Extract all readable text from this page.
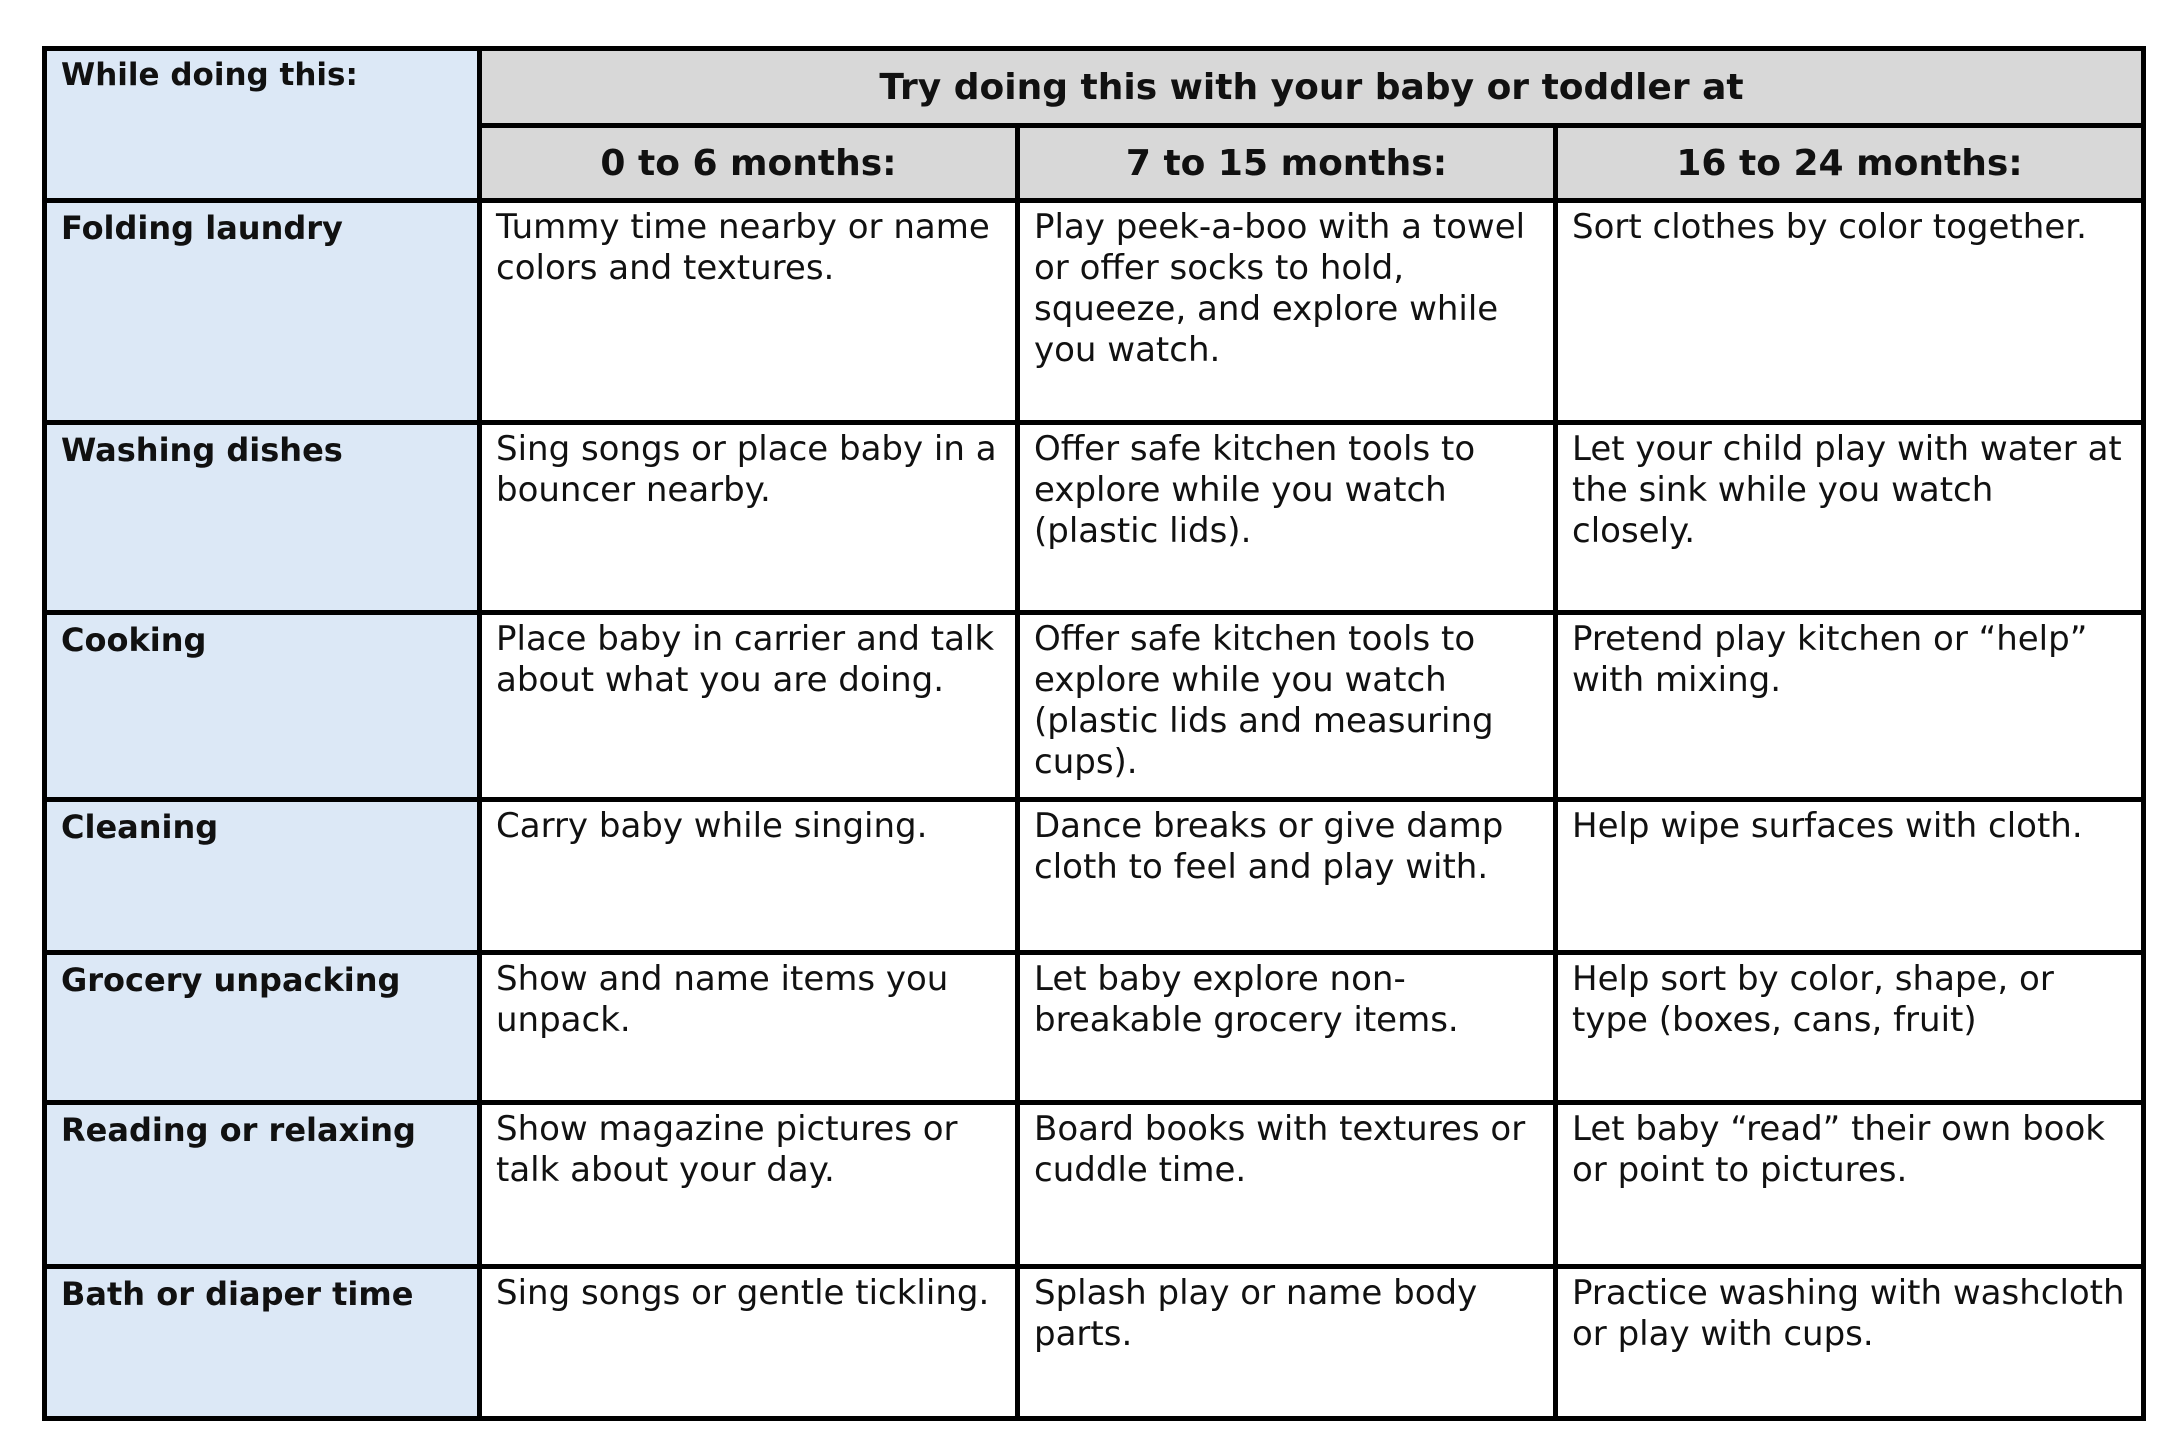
While doing this:	Try doing this with your baby or toddler at		
	0 to 6 months:	7 to 15 months:	16 to 24 months:
Folding laundry	Tummy time nearby or name colors and textures.	Play peek-a-boo with a towel or offer socks to hold, squeeze, and explore while you watch.	Sort clothes by color together.
Washing dishes	Sing songs or place baby in a bouncer nearby.	Offer safe kitchen tools to explore while you watch (plastic lids).	Let your child play with water at the sink while you watch closely.
Cooking	Place baby in carrier and talk about what you are doing.	Offer safe kitchen tools to explore while you watch (plastic lids and measuring cups).	Pretend play kitchen or “help” with mixing.
Cleaning	Carry baby while singing.	Dance breaks or give damp cloth to feel and play with.	Help wipe surfaces with cloth.
Grocery unpacking	Show and name items you unpack.	Let baby explore non-breakable grocery items.	Help sort by color, shape, or type (boxes, cans, fruit)
Reading or relaxing	Show magazine pictures or talk about your day.	Board books with textures or cuddle time.	Let baby “read” their own book or point to pictures.
Bath or diaper time	Sing songs or gentle tickling.	Splash play or name body parts.	Practice washing with washcloth or play with cups.
